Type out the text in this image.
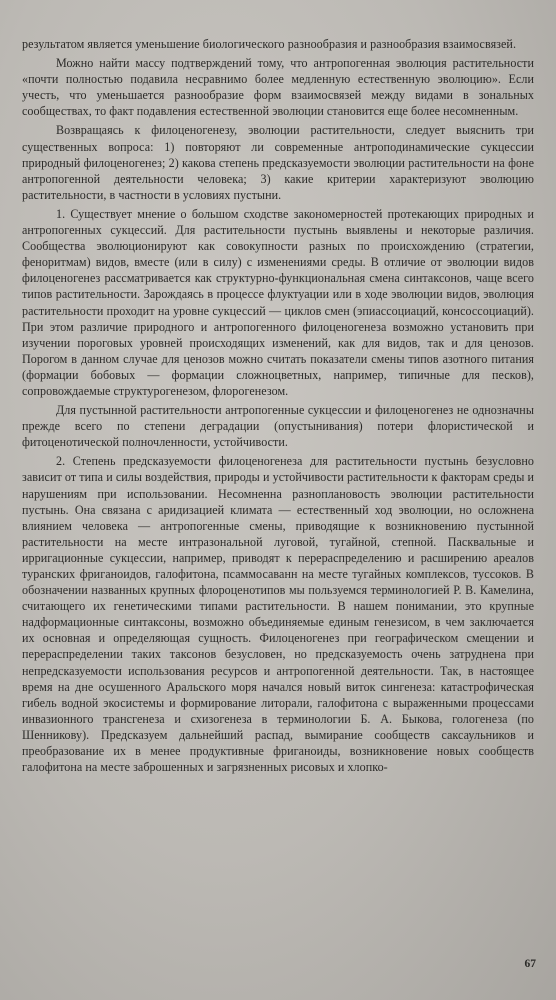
результатом является уменьшение биологического разнообразия и разнообразия взаимосвязей.

Можно найти массу подтверждений тому, что антропогенная эволюция растительности «почти полностью подавила несравнимо более медленную естественную эволюцию». Если учесть, что уменьшается разнообразие форм взаимосвязей между видами в зональных сообществах, то факт подавления естественной эволюции становится еще более несомненным.

Возвращаясь к филоценогенезу, эволюции растительности, следует выяснить три существенных вопроса: 1) повторяют ли современные антроподинамические сукцессии природный филоценогенез; 2) какова степень предсказуемости эволюции растительности на фоне антропогенной деятельности человека; 3) какие критерии характеризуют эволюцию растительности, в частности в условиях пустыни.

1. Существует мнение о большом сходстве закономерностей протекающих природных и антропогенных сукцессий. Для растительности пустынь выявлены и некоторые различия. Сообщества эволюционируют как совокупности разных по происхождению (стратегии, феноритмам) видов, вместе (или в силу) с изменениями среды. В отличие от эволюции видов филоценогенез рассматривается как структурно-функциональная смена синтаксонов, чаще всего типов растительности. Зарождаясь в процессе флуктуации или в ходе эволюции видов, эволюция растительности проходит на уровне сукцессий — циклов смен (эпиассоциаций, консоссоциаций). При этом различие природного и антропогенного филоценогенеза возможно установить при изучении пороговых уровней происходящих изменений, как для видов, так и для ценозов. Порогом в данном случае для ценозов можно считать показатели смены типов азотного питания (формации бобовых — формации сложноцветных, например, типичные для песков), сопровождаемые структурогенезом, флорогенезом.

Для пустынной растительности антропогенные сукцессии и филоценогенез не однозначны прежде всего по степени деградации (опустынивания) потери флористической и фитоценотической полночленности, устойчивости.

2. Степень предсказуемости филоценогенеза для растительности пустынь безусловно зависит от типа и силы воздействия, природы и устойчивости растительности к факторам среды и нарушениям при использовании. Несомненна разноплановость эволюции растительности пустынь. Она связана с аридизацией климата — естественный ход эволюции, но осложнена влиянием человека — антропогенные смены, приводящие к возникновению пустынной растительности на месте интразональной луговой, тугайной, степной. Пасквальные и ирригационные сукцессии, например, приводят к перераспределению и расширению ареалов туранских фриганоидов, галофитона, псаммосаванн на месте тугайных комплексов, туссоков. В обозначении названных крупных флороценотипов мы пользуемся терминологией Р. В. Камелина, считающего их генетическими типами растительности. В нашем понимании, это крупные надформационные синтаксоны, возможно объединяемые единым генезисом, в чем заключается их основная и определяющая сущность. Филоценогенез при географическом смещении и перераспределении таких таксонов безусловен, но предсказуемость очень затруднена при непредсказуемости использования ресурсов и антропогенной деятельности. Так, в настоящее время на дне осушенного Аральского моря начался новый виток сингенеза: катастрофическая гибель водной экосистемы и формирование литорали, галофитона с выраженными процессами инвазионного трансгенеза и схизогенеза в терминологии Б. А. Быкова, гологенеза (по Шенникову). Предсказуем дальнейший распад, вымирание сообществ саксаульников и преобразование их в менее продуктивные фриганоиды, возникновение новых сообществ галофитона на месте заброшенных и загрязненных рисовых и хлопко-

67
